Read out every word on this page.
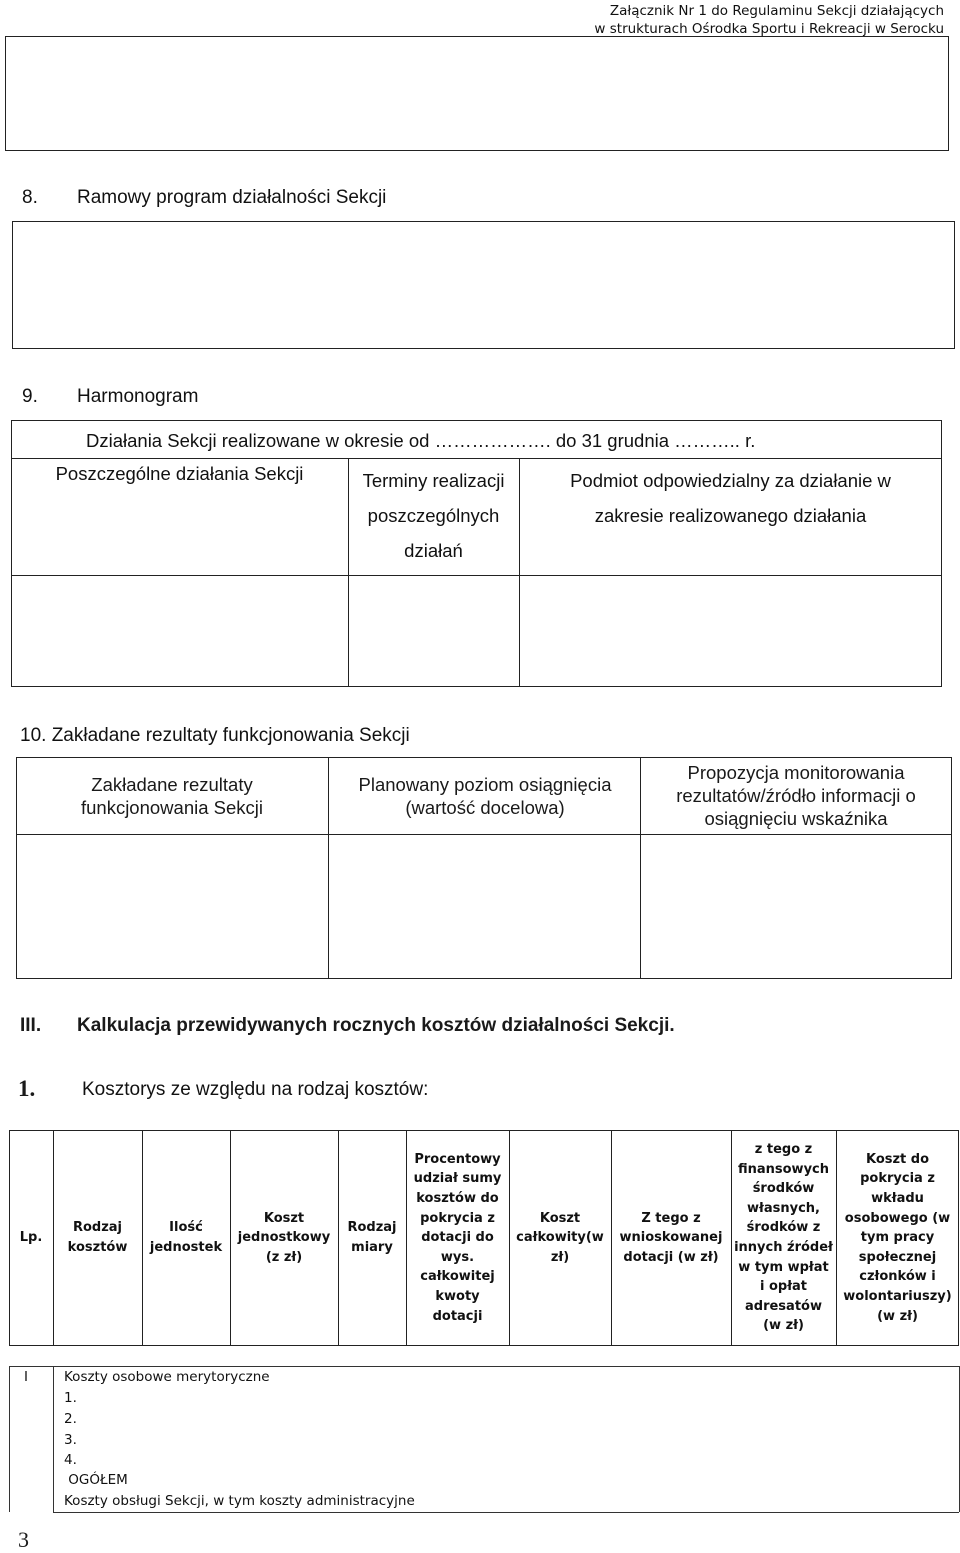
Załącznik Nr 1 do Regulaminu Sekcji działających
w strukturach Ośrodka Sportu i Rekreacji w Serocku
8. Ramowy program działalności Sekcji
9. Harmonogram
Działania Sekcji realizowane w okresie od ………………. do 31 grudnia ……….. r.
Poszczególne działania Sekcji	Terminy realizacji
poszczególnych
działań
Podmiot odpowiedzialny za działanie w
zakresie realizowanego działania
10. Zakładane rezultaty funkcjonowania Sekcji
Zakładane rezultaty funkcjonowania Sekcji
Planowany poziom osiągnięcia (wartość docelowa)
Propozycja monitorowania rezultatów/źródło informacji o osiągnięciu wskaźnika
III. Kalkulacja przewidywanych rocznych kosztów działalności Sekcji.
1. Kosztorys ze względu na rodzaj kosztów:
Lp.
Rodzaj kosztów
Ilość jednostek
Koszt jednostkowy (z zł)
Rodzaj miary
Procentowy udział sumy kosztów do pokrycia z dotacji do wys. całkowitej kwoty dotacji
Koszt całkowity(w zł)
Z tego z wnioskowanej dotacji (w zł)
z tego z finansowych środków własnych, środków z innych źródeł w tym wpłat i opłat adresatów (w zł)
Koszt do pokrycia z wkładu osobowego (w tym pracy społecznej członków i wolontariuszy) (w zł)
I	Koszty osobowe merytoryczne
1.
2.
3.
4.
OGÓŁEM
Koszty obsługi Sekcji, w tym koszty administracyjne
3
